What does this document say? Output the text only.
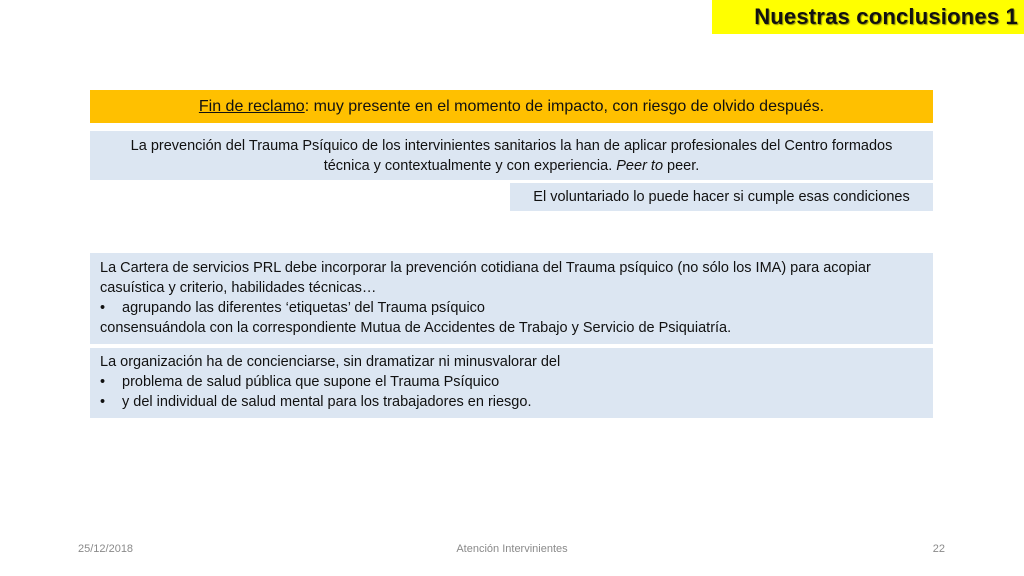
Nuestras conclusiones 1
Fin de reclamo: muy presente en el momento de impacto, con riesgo de olvido después.
La prevención del Trauma Psíquico de los intervinientes sanitarios la han de aplicar profesionales del Centro formados
técnica y contextualmente y con experiencia. Peer to peer.
El voluntariado lo puede hacer si cumple esas condiciones
La Cartera de servicios PRL debe incorporar la prevención cotidiana del Trauma psíquico (no sólo los IMA) para acopiar casuística y criterio, habilidades técnicas…
• agrupando las diferentes ‘etiquetas’ del Trauma psíquico
consensuándola con la correspondiente Mutua de Accidentes de Trabajo y Servicio de Psiquiatría.
La organización ha de concienciarse, sin dramatizar ni minusvalorar del
• problema de salud pública que supone el Trauma Psíquico
• y del individual de salud mental para los trabajadores en riesgo.
Atención Intervinientes
25/12/2018	22
